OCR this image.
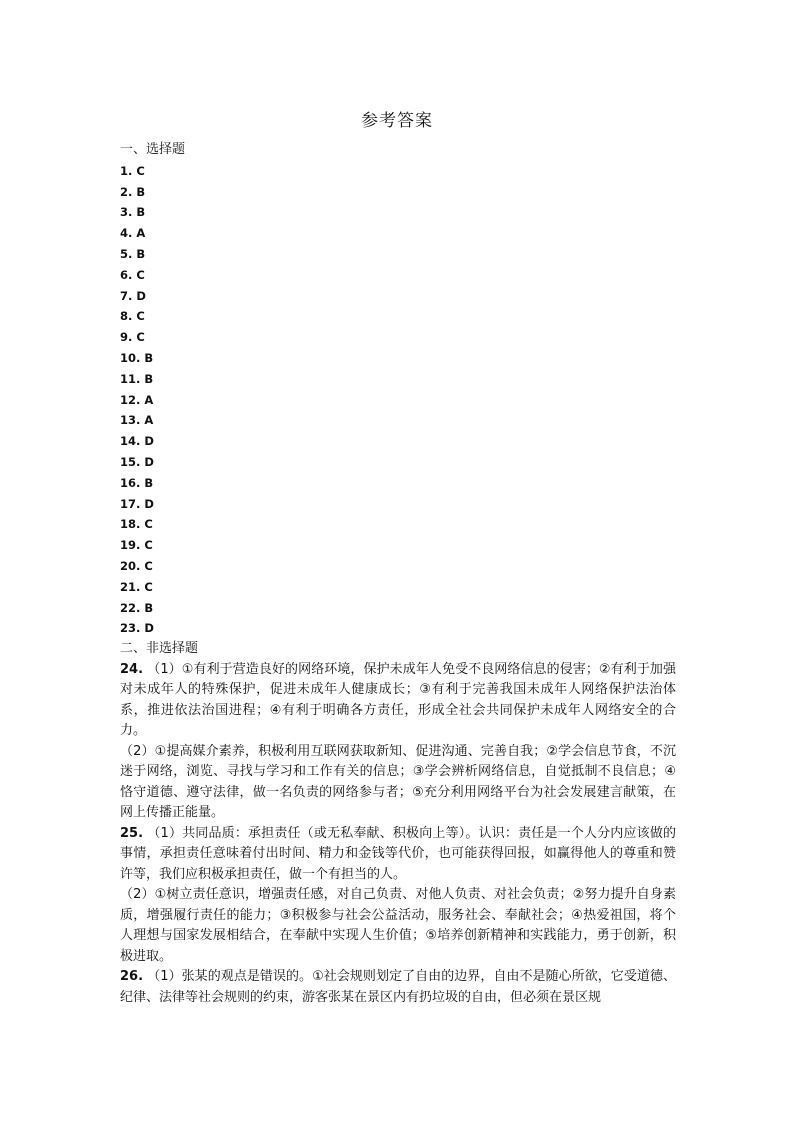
参考答案
一、选择题
1. C
2. B
3. B
4. A
5. B
6. C
7. D
8. C
9. C
10. B
11. B
12. A
13. A
14. D
15. D
16. B
17. D
18. C
19. C
20. C
21. C
22. B
23. D
二、非选择题

24. （1）①有利于营造良好的网络环境，保护未成年人免受不良网络信息的侵害；②有利于加强对未成年人的特殊保护，促进未成年人健康成长；③有利于完善我国未成年人网络保护法治体系，推进依法治国进程；④有利于明确各方责任，形成全社会共同保护未成年人网络安全的合力。

（2）①提高媒介素养，积极利用互联网获取新知、促进沟通、完善自我；②学会信息节食，不沉迷于网络，浏览、寻找与学习和工作有关的信息；③学会辨析网络信息，自觉抵制不良信息；④恪守道德、遵守法律，做一名负责的网络参与者；⑤充分利用网络平台为社会发展建言献策，在网上传播正能量。

25. （1）共同品质：承担责任（或无私奉献、积极向上等）。认识：责任是一个人分内应该做的事情，承担责任意味着付出时间、精力和金钱等代价，也可能获得回报，如赢得他人的尊重和赞许等，我们应积极承担责任，做一个有担当的人。

（2）①树立责任意识，增强责任感，对自己负责、对他人负责、对社会负责；②努力提升自身素质，增强履行责任的能力；③积极参与社会公益活动，服务社会、奉献社会；④热爱祖国，将个人理想与国家发展相结合，在奉献中实现人生价值；⑤培养创新精神和实践能力，勇于创新，积极进取。

26. （1）张某的观点是错误的。①社会规则划定了自由的边界，自由不是随心所欲，它受道德、纪律、法律等社会规则的约束，游客张某在景区内有扔垃圾的自由，但必须在景区规
